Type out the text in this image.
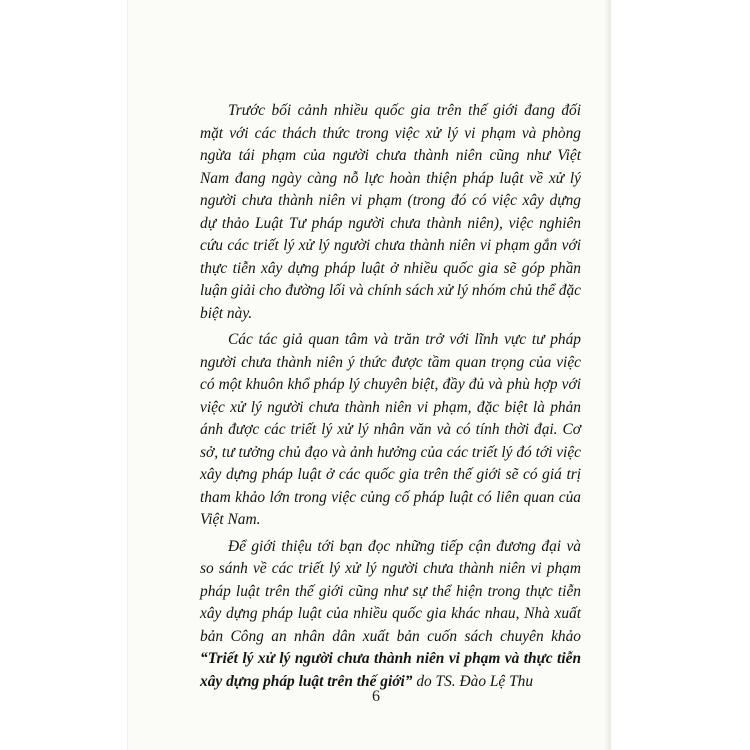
Trước bối cảnh nhiều quốc gia trên thế giới đang đối mặt với các thách thức trong việc xử lý vi phạm và phòng ngừa tái phạm của người chưa thành niên cũng như Việt Nam đang ngày càng nỗ lực hoàn thiện pháp luật về xử lý người chưa thành niên vi phạm (trong đó có việc xây dựng dự thảo Luật Tư pháp người chưa thành niên), việc nghiên cứu các triết lý xử lý người chưa thành niên vi phạm gắn với thực tiễn xây dựng pháp luật ở nhiều quốc gia sẽ góp phần luận giải cho đường lối và chính sách xử lý nhóm chủ thể đặc biệt này.

Các tác giả quan tâm và trăn trở với lĩnh vực tư pháp người chưa thành niên ý thức được tầm quan trọng của việc có một khuôn khổ pháp lý chuyên biệt, đầy đủ và phù hợp với việc xử lý người chưa thành niên vi phạm, đặc biệt là phản ánh được các triết lý xử lý nhân văn và có tính thời đại. Cơ sở, tư tưởng chủ đạo và ảnh hưởng của các triết lý đó tới việc xây dựng pháp luật ở các quốc gia trên thế giới sẽ có giá trị tham khảo lớn trong việc củng cố pháp luật có liên quan của Việt Nam.

Để giới thiệu tới bạn đọc những tiếp cận đương đại và so sánh về các triết lý xử lý người chưa thành niên vi phạm pháp luật trên thế giới cũng như sự thể hiện trong thực tiễn xây dựng pháp luật của nhiều quốc gia khác nhau, Nhà xuất bản Công an nhân dân xuất bản cuốn sách chuyên khảo “Triết lý xử lý người chưa thành niên vi phạm và thực tiễn xây dựng pháp luật trên thế giới” do TS. Đào Lệ Thu

6
